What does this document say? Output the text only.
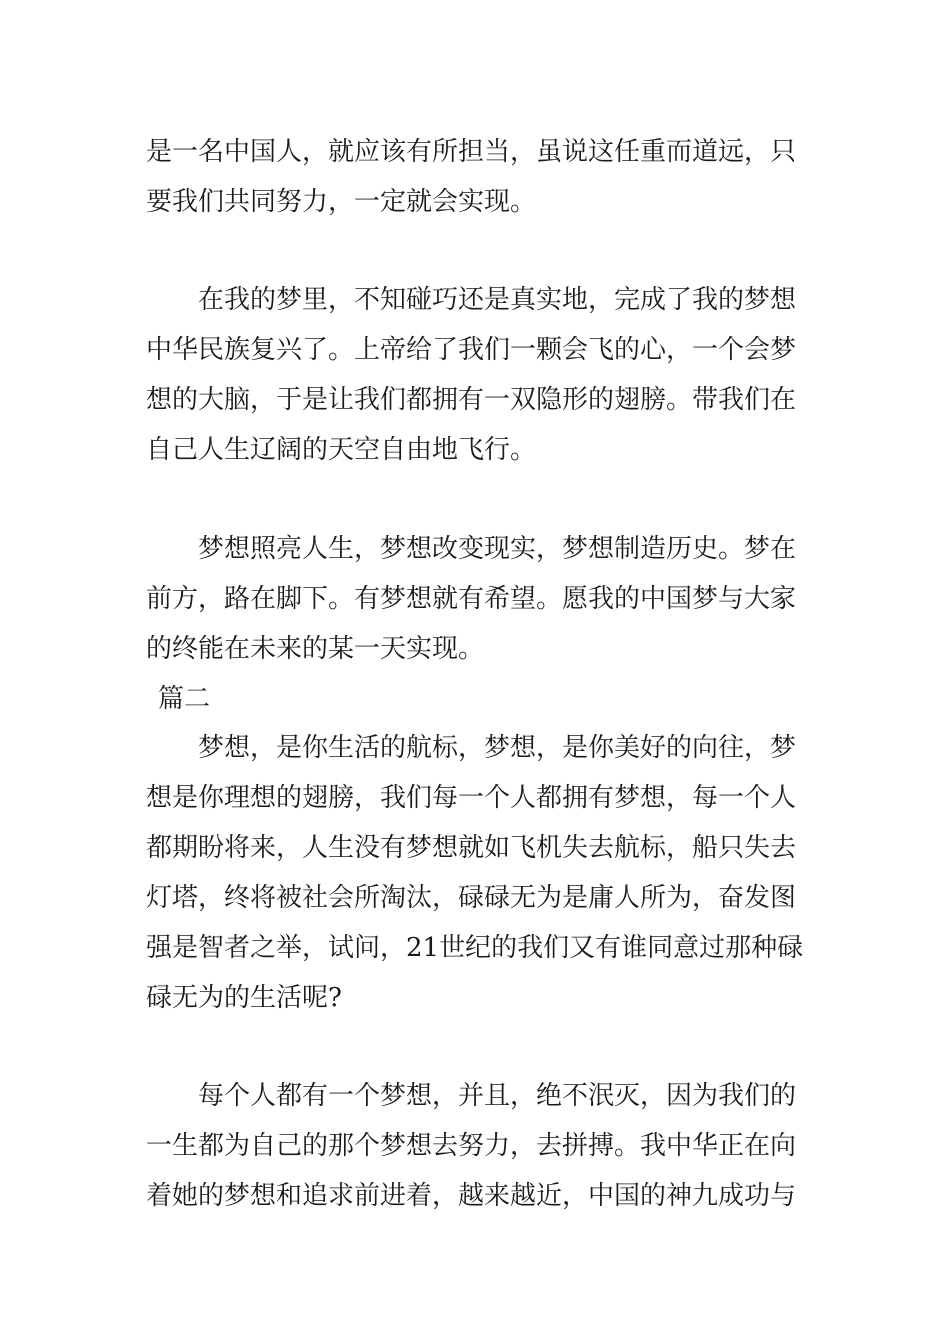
是一名中国人，就应该有所担当，虽说这任重而道远，只
要我们共同努力，一定就会实现。
在我的梦里，不知碰巧还是真实地，完成了我的梦想
中华民族复兴了。上帝给了我们一颗会飞的心，一个会梦
想的大脑，于是让我们都拥有一双隐形的翅膀。带我们在
自己人生辽阔的天空自由地飞行。
梦想照亮人生，梦想改变现实，梦想制造历史。梦在
前方，路在脚下。有梦想就有希望。愿我的中国梦与大家
的终能在未来的某一天实现。
篇二
梦想，是你生活的航标，梦想，是你美好的向往，梦
想是你理想的翅膀，我们每一个人都拥有梦想，每一个人
都期盼将来，人生没有梦想就如飞机失去航标，船只失去
灯塔，终将被社会所淘汰，碌碌无为是庸人所为，奋发图
强是智者之举，试问，21世纪的我们又有谁同意过那种碌
碌无为的生活呢?
每个人都有一个梦想，并且，绝不泯灭，因为我们的
一生都为自己的那个梦想去努力，去拼搏。我中华正在向
着她的梦想和追求前进着，越来越近，中国的神九成功与
